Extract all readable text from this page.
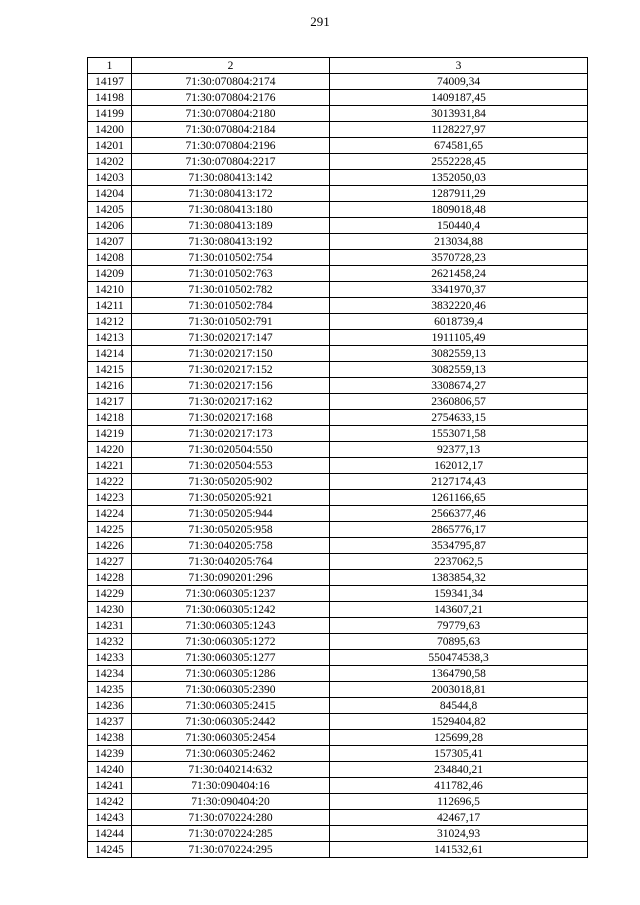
291
1	2	3
14197	71:30:070804:2174	74009,34
14198	71:30:070804:2176	1409187,45
14199	71:30:070804:2180	3013931,84
14200	71:30:070804:2184	1128227,97
14201	71:30:070804:2196	674581,65
14202	71:30:070804:2217	2552228,45
14203	71:30:080413:142	1352050,03
14204	71:30:080413:172	1287911,29
14205	71:30:080413:180	1809018,48
14206	71:30:080413:189	150440,4
14207	71:30:080413:192	213034,88
14208	71:30:010502:754	3570728,23
14209	71:30:010502:763	2621458,24
14210	71:30:010502:782	3341970,37
14211	71:30:010502:784	3832220,46
14212	71:30:010502:791	6018739,4
14213	71:30:020217:147	1911105,49
14214	71:30:020217:150	3082559,13
14215	71:30:020217:152	3082559,13
14216	71:30:020217:156	3308674,27
14217	71:30:020217:162	2360806,57
14218	71:30:020217:168	2754633,15
14219	71:30:020217:173	1553071,58
14220	71:30:020504:550	92377,13
14221	71:30:020504:553	162012,17
14222	71:30:050205:902	2127174,43
14223	71:30:050205:921	1261166,65
14224	71:30:050205:944	2566377,46
14225	71:30:050205:958	2865776,17
14226	71:30:040205:758	3534795,87
14227	71:30:040205:764	2237062,5
14228	71:30:090201:296	1383854,32
14229	71:30:060305:1237	159341,34
14230	71:30:060305:1242	143607,21
14231	71:30:060305:1243	79779,63
14232	71:30:060305:1272	70895,63
14233	71:30:060305:1277	550474538,3
14234	71:30:060305:1286	1364790,58
14235	71:30:060305:2390	2003018,81
14236	71:30:060305:2415	84544,8
14237	71:30:060305:2442	1529404,82
14238	71:30:060305:2454	125699,28
14239	71:30:060305:2462	157305,41
14240	71:30:040214:632	234840,21
14241	71:30:090404:16	411782,46
14242	71:30:090404:20	112696,5
14243	71:30:070224:280	42467,17
14244	71:30:070224:285	31024,93
14245	71:30:070224:295	141532,61
